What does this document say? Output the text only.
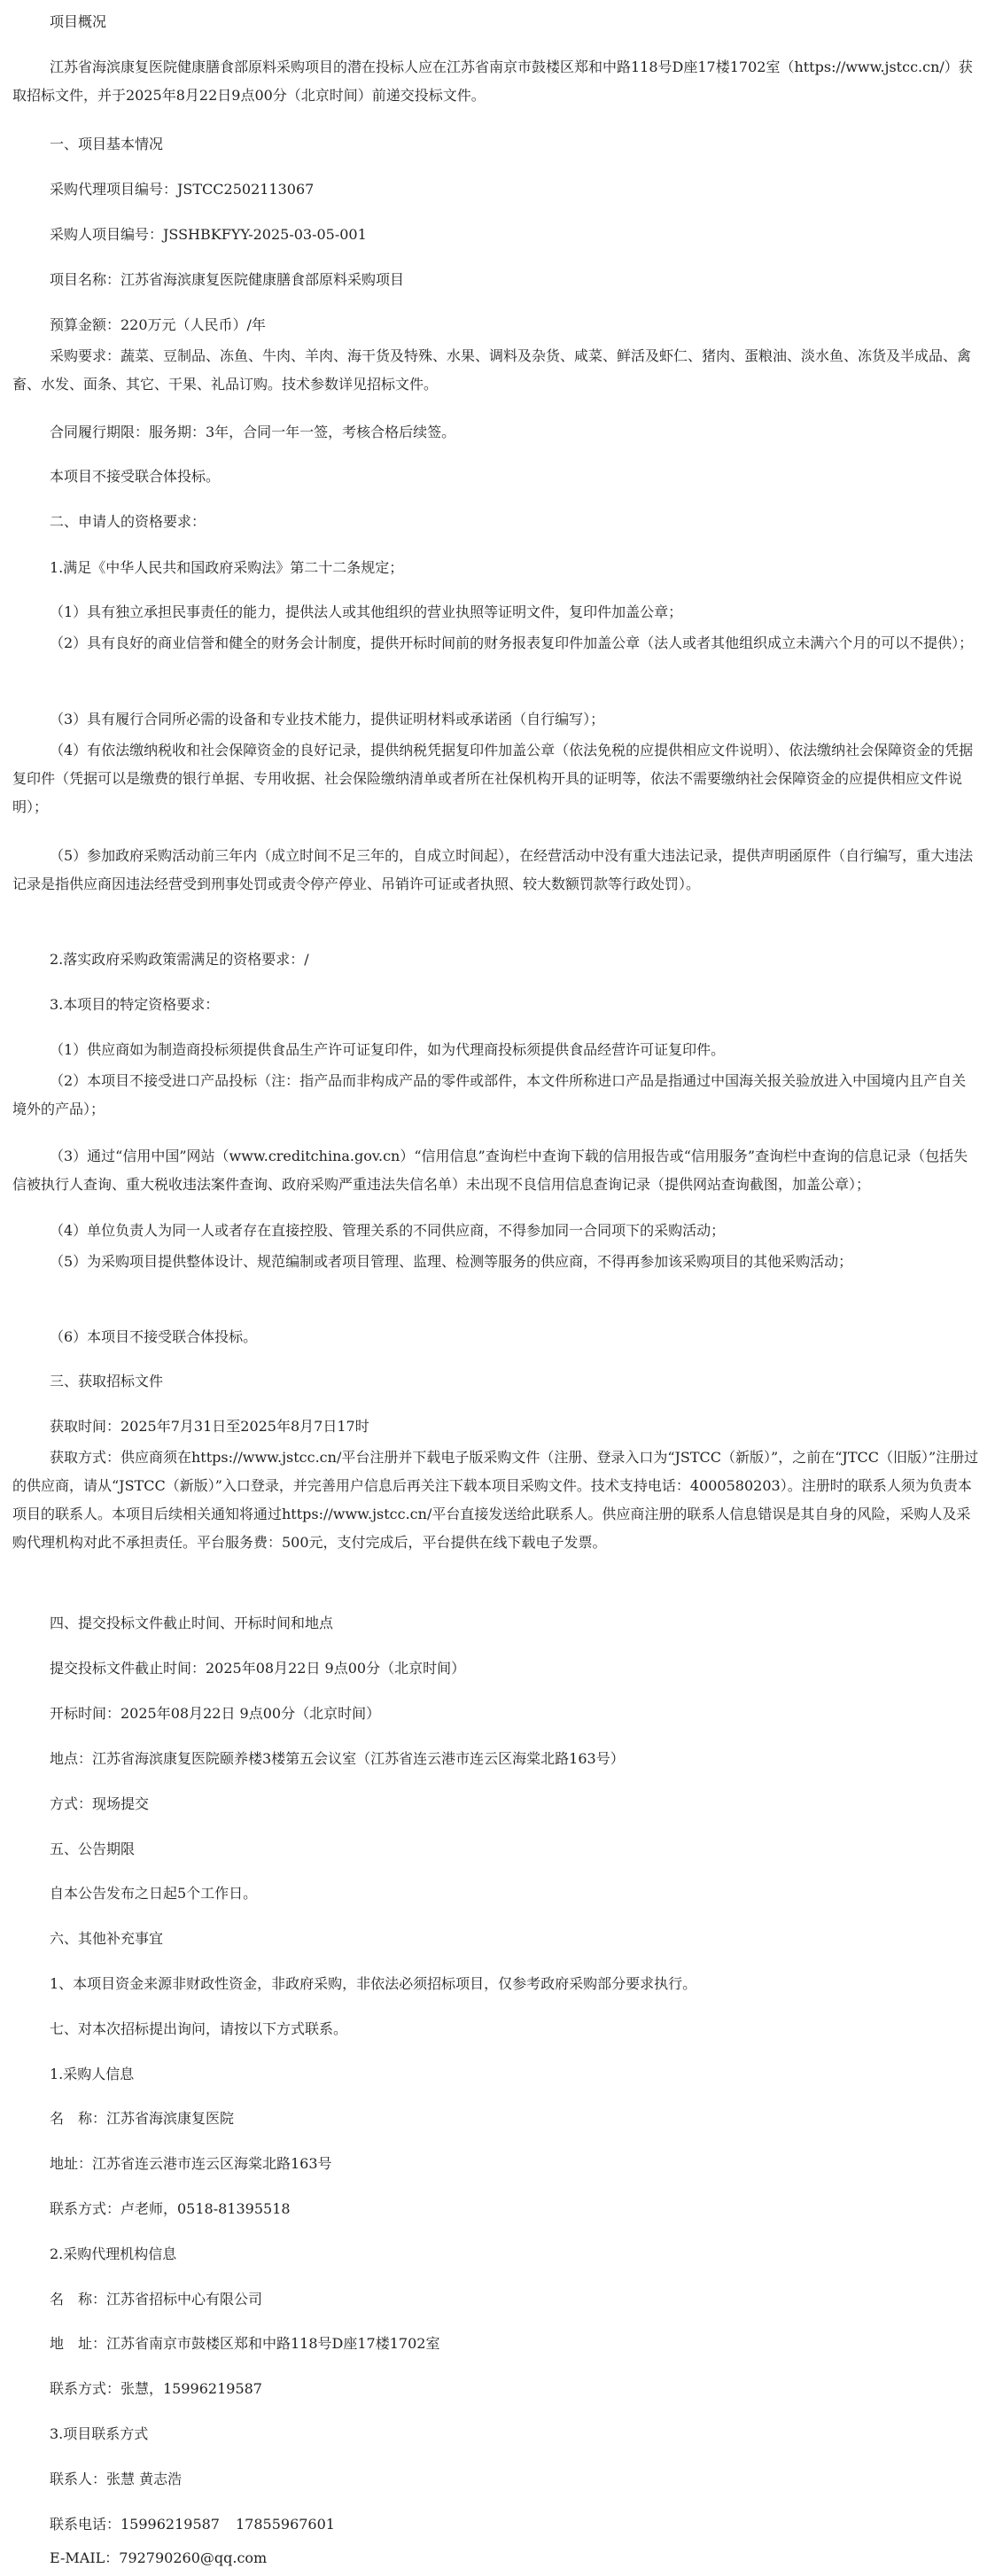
项目概况

江苏省海滨康复医院健康膳食部原料采购项目的潜在投标人应在江苏省南京市鼓楼区郑和中路118号D座17楼1702室（https://www.jstcc.cn/）获取招标文件，并于2025年8月22日9点00分（北京时间）前递交投标文件。

一、项目基本情况

采购代理项目编号：JSTCC2502113067

采购人项目编号：JSSHBKFYY-2025-03-05-001

项目名称：江苏省海滨康复医院健康膳食部原料采购项目

预算金额：220万元（人民币）/年

采购要求：蔬菜、豆制品、冻鱼、牛肉、羊肉、海干货及特殊、水果、调料及杂货、咸菜、鲜活及虾仁、猪肉、蛋粮油、淡水鱼、冻货及半成品、禽畜、水发、面条、其它、干果、礼品订购。技术参数详见招标文件。

合同履行期限：服务期：3年，合同一年一签，考核合格后续签。

本项目不接受联合体投标。

二、申请人的资格要求：

1.满足《中华人民共和国政府采购法》第二十二条规定；

（1）具有独立承担民事责任的能力，提供法人或其他组织的营业执照等证明文件，复印件加盖公章；

（2）具有良好的商业信誉和健全的财务会计制度，提供开标时间前的财务报表复印件加盖公章（法人或者其他组织成立未满六个月的可以不提供）；

（3）具有履行合同所必需的设备和专业技术能力，提供证明材料或承诺函（自行编写）；

（4）有依法缴纳税收和社会保障资金的良好记录，提供纳税凭据复印件加盖公章（依法免税的应提供相应文件说明）、依法缴纳社会保障资金的凭据复印件（凭据可以是缴费的银行单据、专用收据、社会保险缴纳清单或者所在社保机构开具的证明等，依法不需要缴纳社会保障资金的应提供相应文件说明）；

（5）参加政府采购活动前三年内（成立时间不足三年的，自成立时间起），在经营活动中没有重大违法记录，提供声明函原件（自行编写，重大违法记录是指供应商因违法经营受到刑事处罚或责令停产停业、吊销许可证或者执照、较大数额罚款等行政处罚）。

2.落实政府采购政策需满足的资格要求：/

3.本项目的特定资格要求：

（1）供应商如为制造商投标须提供食品生产许可证复印件，如为代理商投标须提供食品经营许可证复印件。

（2）本项目不接受进口产品投标（注：指产品而非构成产品的零件或部件，本文件所称进口产品是指通过中国海关报关验放进入中国境内且产自关境外的产品）；

（3）通过“信用中国”网站（www.creditchina.gov.cn）“信用信息”查询栏中查询下载的信用报告或“信用服务”查询栏中查询的信息记录（包括失信被执行人查询、重大税收违法案件查询、政府采购严重违法失信名单）未出现不良信用信息查询记录（提供网站查询截图，加盖公章）；

（4）单位负责人为同一人或者存在直接控股、管理关系的不同供应商，不得参加同一合同项下的采购活动；

（5）为采购项目提供整体设计、规范编制或者项目管理、监理、检测等服务的供应商，不得再参加该采购项目的其他采购活动；

（6）本项目不接受联合体投标。

三、获取招标文件

获取时间：2025年7月31日至2025年8月7日17时

获取方式：供应商须在https://www.jstcc.cn/平台注册并下载电子版采购文件（注册、登录入口为“JSTCC（新版）”，之前在“JTCC（旧版）”注册过的供应商，请从“JSTCC（新版）”入口登录，并完善用户信息后再关注下载本项目采购文件。技术支持电话：4000580203）。注册时的联系人须为负责本项目的联系人。本项目后续相关通知将通过https://www.jstcc.cn/平台直接发送给此联系人。供应商注册的联系人信息错误是其自身的风险，采购人及采购代理机构对此不承担责任。平台服务费：500元，支付完成后，平台提供在线下载电子发票。

四、提交投标文件截止时间、开标时间和地点

提交投标文件截止时间：2025年08月22日 9点00分（北京时间）

开标时间：2025年08月22日 9点00分（北京时间）

地点：江苏省海滨康复医院颐养楼3楼第五会议室（江苏省连云港市连云区海棠北路163号）

方式：现场提交

五、公告期限

自本公告发布之日起5个工作日。

六、其他补充事宜

1、本项目资金来源非财政性资金，非政府采购，非依法必须招标项目，仅参考政府采购部分要求执行。

七、对本次招标提出询问，请按以下方式联系。

1.采购人信息

名　称：江苏省海滨康复医院

地址：江苏省连云港市连云区海棠北路163号

联系方式：卢老师，0518-81395518

2.采购代理机构信息

名　称：江苏省招标中心有限公司

地　址：江苏省南京市鼓楼区郑和中路118号D座17楼1702室

联系方式：张慧，15996219587

3.项目联系方式

联系人：张慧 黄志浩

联系电话：15996219587 17855967601

E-MAIL：792790260@qq.com
